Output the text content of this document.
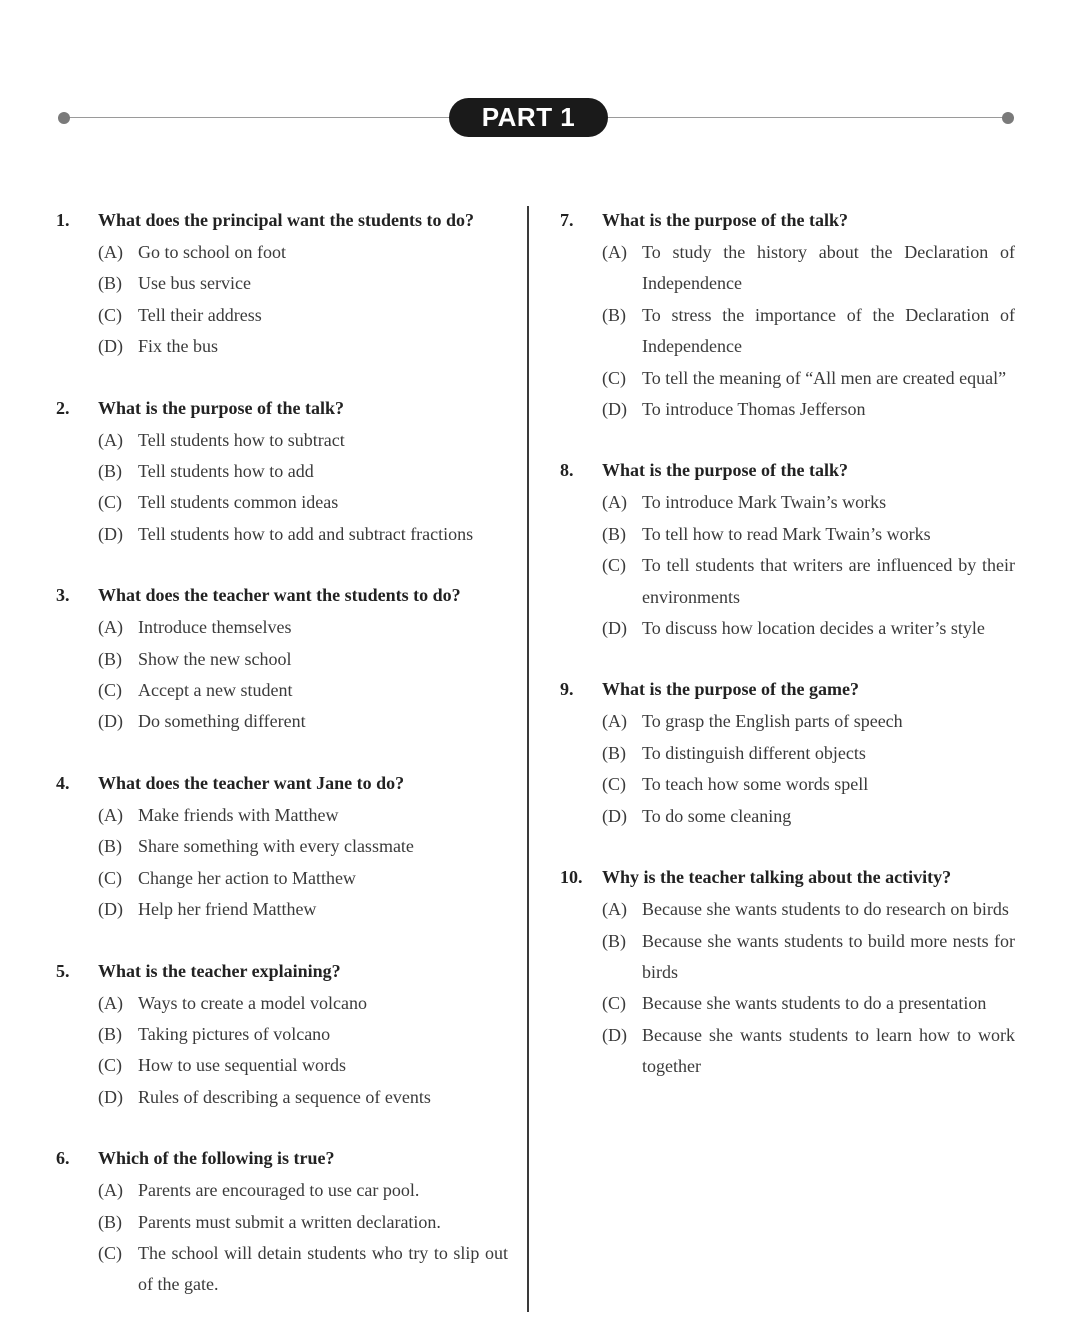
PART 1
1.	What does the principal want the students to do?
(A) Go to school on foot
(B) Use bus service
(C) Tell their address
(D) Fix the bus
2.	What is the purpose of the talk?
(A) Tell students how to subtract
(B) Tell students how to add
(C) Tell students common ideas
(D) Tell students how to add and subtract fractions
3.	What does the teacher want the students to do?
(A) Introduce themselves
(B) Show the new school
(C) Accept a new student
(D) Do something different
4.	What does the teacher want Jane to do?
(A) Make friends with Matthew
(B) Share something with every classmate
(C) Change her action to Matthew
(D) Help her friend Matthew
5.	What is the teacher explaining?
(A) Ways to create a model volcano
(B) Taking pictures of volcano
(C) How to use sequential words
(D) Rules of describing a sequence of events
6.	Which of the following is true?
(A) Parents are encouraged to use car pool.
(B) Parents must submit a written declaration.
(C) The school will detain students who try to slip out of the gate.
7.	What is the purpose of the talk?
(A) To study the history about the Declaration of Independence
(B) To stress the importance of the Declaration of Independence
(C) To tell the meaning of “All men are created equal”
(D) To introduce Thomas Jefferson
8.	What is the purpose of the talk?
(A) To introduce Mark Twain’s works
(B) To tell how to read Mark Twain’s works
(C) To tell students that writers are influenced by their environments
(D) To discuss how location decides a writer’s style
9.	What is the purpose of the game?
(A) To grasp the English parts of speech
(B) To distinguish different objects
(C) To teach how some words spell
(D) To do some cleaning
10.	Why is the teacher talking about the activity?
(A) Because she wants students to do research on birds
(B) Because she wants students to build more nests for birds
(C) Because she wants students to do a presentation
(D) Because she wants students to learn how to work together
